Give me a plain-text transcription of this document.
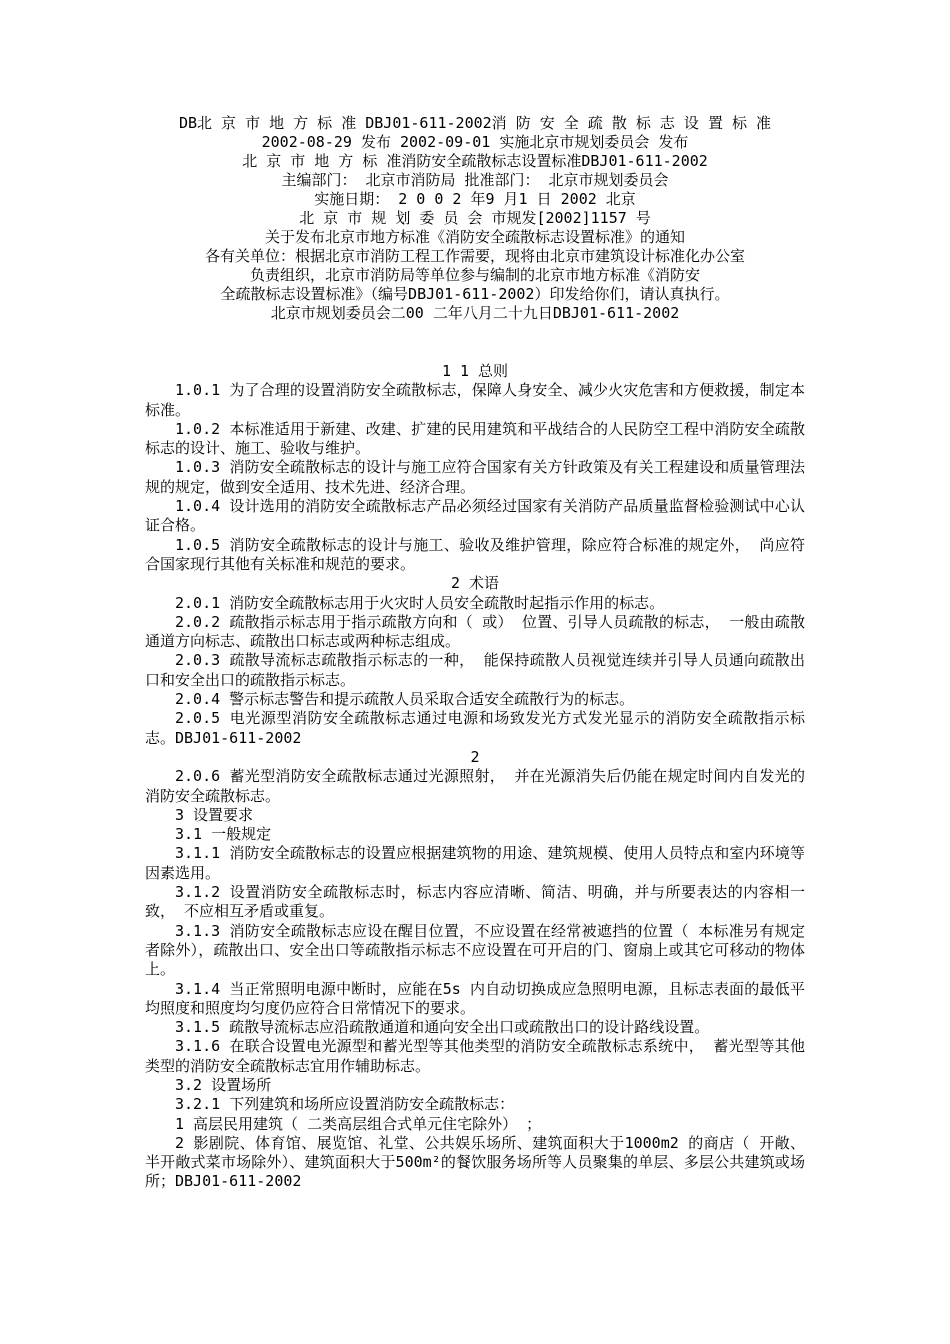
DB北 京 市 地 方 标 准 DBJ01-611-2002消 防 安 全 疏 散 标 志 设 置 标 准

2002-08-29 发布 2002-09-01 实施北京市规划委员会 发布

北 京 市 地 方 标 准消防安全疏散标志设置标准DBJ01-611-2002

主编部门： 北京市消防局 批准部门： 北京市规划委员会

实施日期： 2 0 0 2 年9 月1 日 2002 北京

北 京 市 规 划 委 员 会 市规发[2002]1157 号

关于发布北京市地方标准《消防安全疏散标志设置标准》的通知

各有关单位：根据北京市消防工程工作需要，现将由北京市建筑设计标准化办公室

负责组织，北京市消防局等单位参与编制的北京市地方标准《消防安

全疏散标志设置标准》（编号DBJ01-611-2002）印发给你们，请认真执行。

北京市规划委员会二00 二年八月二十九日DBJ01-611-2002

1 1 总则

1.0.1 为了合理的设置消防安全疏散标志，保障人身安全、减少火灾危害和方便救援，制定本标准。

1.0.2 本标准适用于新建、改建、扩建的民用建筑和平战结合的人民防空工程中消防安全疏散标志的设计、施工、验收与维护。

1.0.3 消防安全疏散标志的设计与施工应符合国家有关方针政策及有关工程建设和质量管理法规的规定，做到安全适用、技术先进、经济合理。

1.0.4 设计选用的消防安全疏散标志产品必须经过国家有关消防产品质量监督检验测试中心认证合格。

1.0.5 消防安全疏散标志的设计与施工、验收及维护管理，除应符合标准的规定外， 尚应符合国家现行其他有关标准和规范的要求。

2 术语

2.0.1 消防安全疏散标志用于火灾时人员安全疏散时起指示作用的标志。

2.0.2 疏散指示标志用于指示疏散方向和（ 或） 位置、引导人员疏散的标志， 一般由疏散通道方向标志、疏散出口标志或两种标志组成。

2.0.3 疏散导流标志疏散指示标志的一种， 能保持疏散人员视觉连续并引导人员通向疏散出口和安全出口的疏散指示标志。

2.0.4 警示标志警告和提示疏散人员采取合适安全疏散行为的标志。

2.0.5 电光源型消防安全疏散标志通过电源和场致发光方式发光显示的消防安全疏散指示标志。DBJ01-611-2002

2

2.0.6 蓄光型消防安全疏散标志通过光源照射， 并在光源消失后仍能在规定时间内自发光的消防安全疏散标志。

3 设置要求

3.1 一般规定

3.1.1 消防安全疏散标志的设置应根据建筑物的用途、建筑规模、使用人员特点和室内环境等因素选用。

3.1.2 设置消防安全疏散标志时，标志内容应清晰、简洁、明确，并与所要表达的内容相一致， 不应相互矛盾或重复。

3.1.3 消防安全疏散标志应设在醒目位置，不应设置在经常被遮挡的位置（ 本标准另有规定者除外），疏散出口、安全出口等疏散指示标志不应设置在可开启的门、窗扇上或其它可移动的物体上。

3.1.4 当正常照明电源中断时，应能在5s 内自动切换成应急照明电源，且标志表面的最低平均照度和照度均匀度仍应符合日常情况下的要求。

3.1.5 疏散导流标志应沿疏散通道和通向安全出口或疏散出口的设计路线设置。

3.1.6 在联合设置电光源型和蓄光型等其他类型的消防安全疏散标志系统中， 蓄光型等其他类型的消防安全疏散标志宜用作辅助标志。

3.2 设置场所

3.2.1 下列建筑和场所应设置消防安全疏散标志：

1 高层民用建筑（ 二类高层组合式单元住宅除外） ；

2 影剧院、体育馆、展览馆、礼堂、公共娱乐场所、建筑面积大于1000m2 的商店（ 开敞、半开敞式菜市场除外）、建筑面积大于500m²的餐饮服务场所等人员聚集的单层、多层公共建筑或场所；DBJ01-611-2002
